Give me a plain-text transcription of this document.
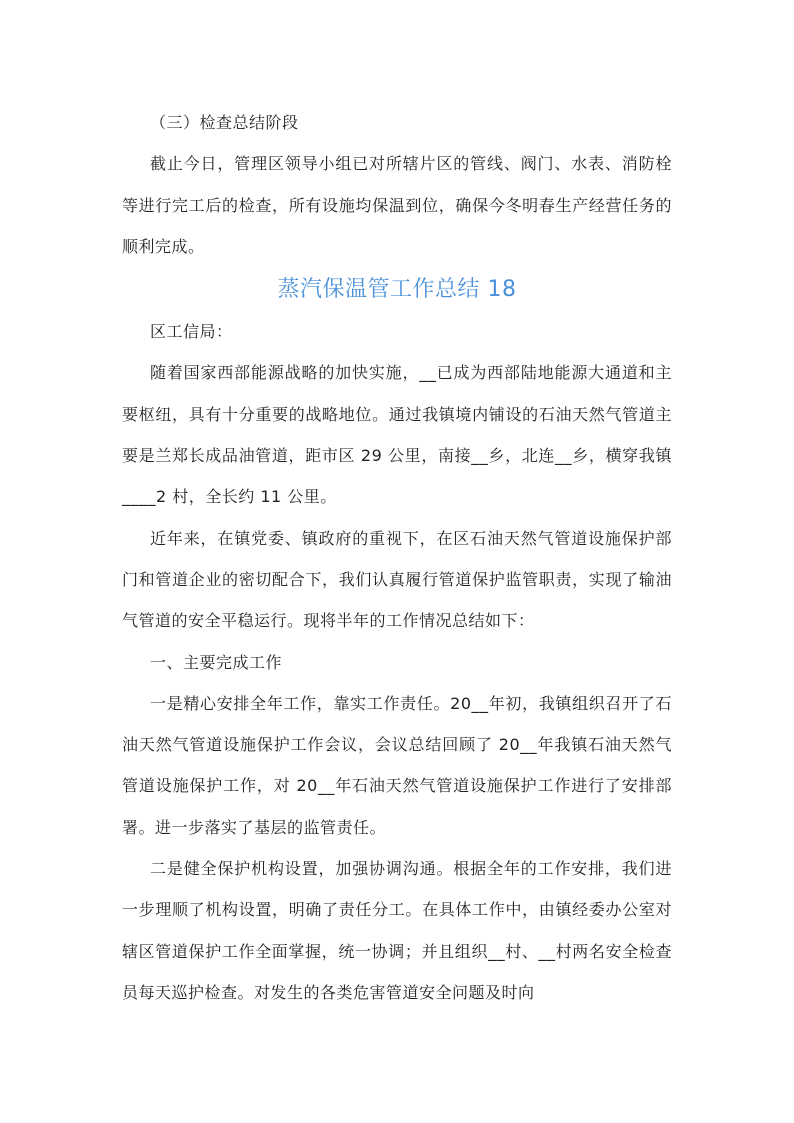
（三）检查总结阶段

截止今日，管理区领导小组已对所辖片区的管线、阀门、水表、消防栓等进行完工后的检查，所有设施均保温到位，确保今冬明春生产经营任务的顺利完成。

蒸汽保温管工作总结 18

区工信局：

随着国家西部能源战略的加快实施，__已成为西部陆地能源大通道和主要枢纽，具有十分重要的战略地位。通过我镇境内铺设的石油天然气管道主要是兰郑长成品油管道，距市区 29 公里，南接__乡，北连__乡，横穿我镇____2 村，全长约 11 公里。

近年来，在镇党委、镇政府的重视下，在区石油天然气管道设施保护部门和管道企业的密切配合下，我们认真履行管道保护监管职责，实现了输油气管道的安全平稳运行。现将半年的工作情况总结如下：

一、主要完成工作

一是精心安排全年工作，靠实工作责任。20__年初，我镇组织召开了石油天然气管道设施保护工作会议，会议总结回顾了 20__年我镇石油天然气管道设施保护工作，对 20__年石油天然气管道设施保护工作进行了安排部署。进一步落实了基层的监管责任。

二是健全保护机构设置，加强协调沟通。根据全年的工作安排，我们进一步理顺了机构设置，明确了责任分工。在具体工作中，由镇经委办公室对辖区管道保护工作全面掌握，统一协调；并且组织__村、__村两名安全检查员每天巡护检查。对发生的各类危害管道安全问题及时向
